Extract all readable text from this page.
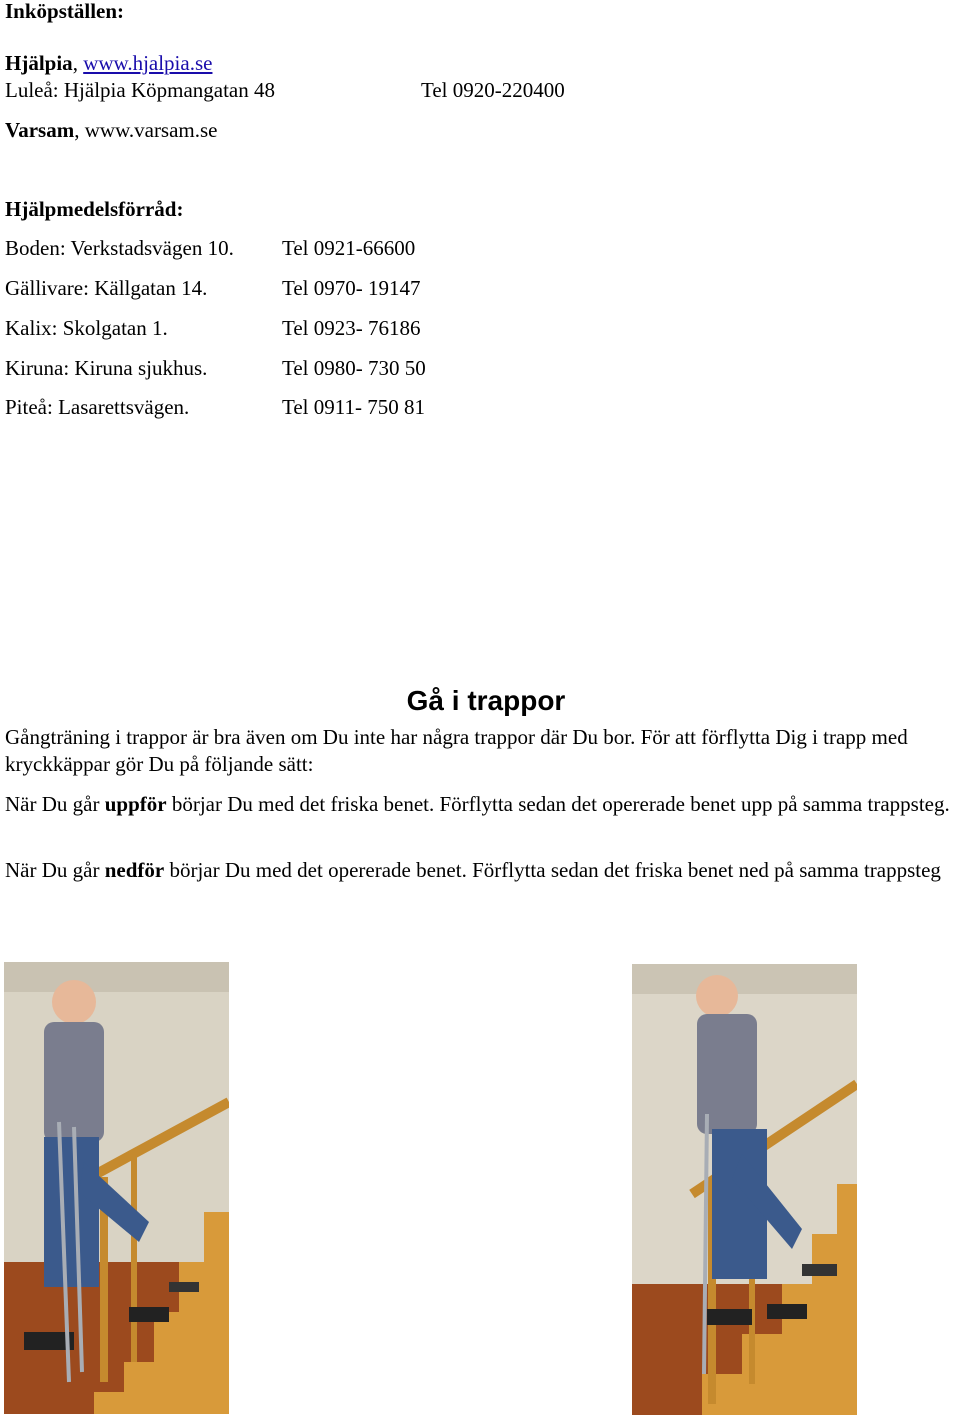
Inköpställen:
Hjälpia, www.hjalpia.se
Luleå: Hjälpia Köpmangatan 48	Tel 0920-220400
Varsam, www.varsam.se
Hjälpmedelsförråd:
Boden: Verkstadsvägen 10. Tel 0921-66600
Gällivare: Källgatan 14.	Tel 0970- 19147
Kalix: Skolgatan 1.	Tel 0923- 76186
Kiruna: Kiruna sjukhus.	Tel 0980- 730 50
Piteå: Lasarettsvägen.	Tel 0911- 750 81
Gå i trappor
Gångträning i trappor är bra även om Du inte har några trappor där Du bor. För att förflytta Dig i trapp med kryckkäppar gör Du på följande sätt:
När Du går uppför börjar Du med det friska benet. Förflytta sedan det opererade benet upp på samma trappsteg.
När Du går nedför börjar Du med det opererade benet. Förflytta sedan det friska benet ned på samma trappsteg
